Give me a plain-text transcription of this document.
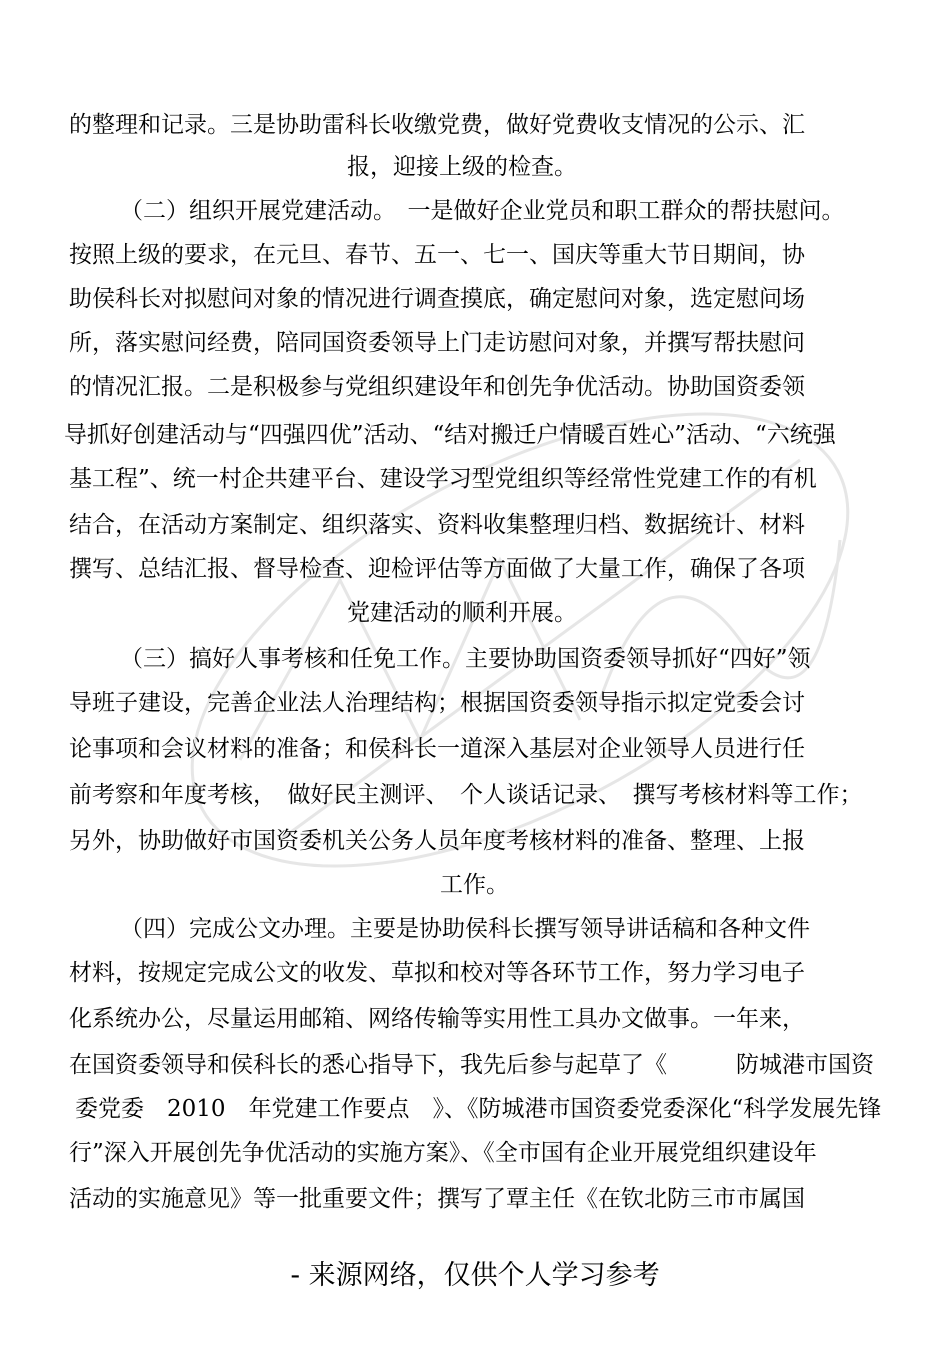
的整理和记录。三是协助雷科长收缴党费，做好党费收支情况的公示、汇
报，迎接上级的检查。
（二）组织开展党建活动。　一是做好企业党员和职工群众的帮扶慰问。
按照上级的要求，在元旦、春节、五一、七一、国庆等重大节日期间，协
助侯科长对拟慰问对象的情况进行调查摸底，确定慰问对象，选定慰问场
所，落实慰问经费，陪同国资委领导上门走访慰问对象，并撰写帮扶慰问
的情况汇报。二是积极参与党组织建设年和创先争优活动。协助国资委领
导抓好创建活动与“四强四优”活动、“结对搬迁户情暖百姓心”活动、“六统强
基工程”、统一村企共建平台、建设学习型党组织等经常性党建工作的有机
结合，在活动方案制定、组织落实、资料收集整理归档、数据统计、材料
撰写、总结汇报、督导检查、迎检评估等方面做了大量工作，确保了各项
党建活动的顺利开展。
（三）搞好人事考核和任免工作。主要协助国资委领导抓好“四好”领
导班子建设，完善企业法人治理结构；根据国资委领导指示拟定党委会讨
论事项和会议材料的准备；和侯科长一道深入基层对企业领导人员进行任
前考察和年度考核，　做好民主测评、　个人谈话记录、　撰写考核材料等工作；
另外，协助做好市国资委机关公务人员年度考核材料的准备、整理、上报
工作。
（四）完成公文办理。主要是协助侯科长撰写领导讲话稿和各种文件
材料，按规定完成公文的收发、草拟和校对等各环节工作，努力学习电子
化系统办公，尽量运用邮箱、网络传输等实用性工具办文做事。一年来，
在国资委领导和侯科长的悉心指导下，我先后参与起草了《　　　防城港市国资
委党委　2010　年党建工作要点　》、《防城港市国资委党委深化“科学发展先锋
行”深入开展创先争优活动的实施方案》、《全市国有企业开展党组织建设年
活动的实施意见》等一批重要文件；撰写了覃主任《在钦北防三市市属国
- 来源网络，仅供个人学习参考
